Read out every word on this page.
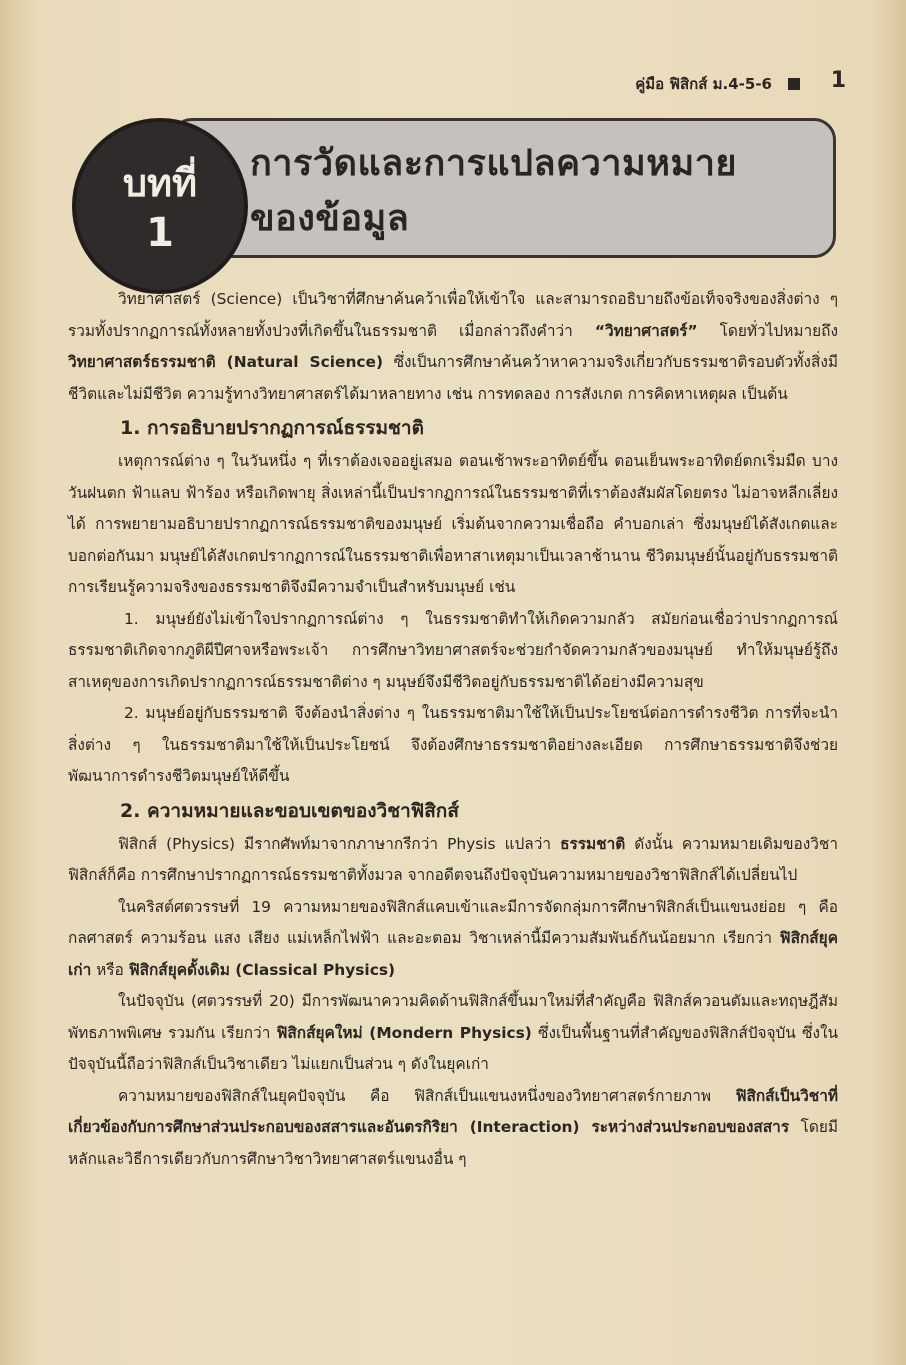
คู่มือ ฟิสิกส์ ม.4-5-6	1
การวัดและการแปลความหมาย
ของข้อมูล
บทที่
1

วิทยาศาสตร์ (Science) เป็นวิชาที่ศึกษาค้นคว้าเพื่อให้เข้าใจ และสามารถอธิบายถึงข้อเท็จจริงของสิ่งต่าง ๆ รวมทั้งปรากฏการณ์ทั้งหลายทั้งปวงที่เกิดขึ้นในธรรมชาติ เมื่อกล่าวถึงคำว่า “วิทยาศาสตร์” โดยทั่วไปหมายถึง วิทยาศาสตร์ธรรมชาติ (Natural Science) ซึ่งเป็นการศึกษาค้นคว้าหาความจริงเกี่ยวกับธรรมชาติรอบตัวทั้งสิ่งมีชีวิตและไม่มีชีวิต ความรู้ทางวิทยาศาสตร์ได้มาหลายทาง เช่น การทดลอง การสังเกต การคิดหาเหตุผล เป็นต้น

1. การอธิบายปรากฏการณ์ธรรมชาติ

เหตุการณ์ต่าง ๆ ในวันหนึ่ง ๆ ที่เราต้องเจออยู่เสมอ ตอนเช้าพระอาทิตย์ขึ้น ตอนเย็นพระอาทิตย์ตกเริ่มมืด บางวันฝนตก ฟ้าแลบ ฟ้าร้อง หรือเกิดพายุ สิ่งเหล่านี้เป็นปรากฏการณ์ในธรรมชาติที่เราต้องสัมผัสโดยตรง ไม่อาจหลีกเลี่ยงได้ การพยายามอธิบายปรากฏการณ์ธรรมชาติของมนุษย์ เริ่มต้นจากความเชื่อถือ คำบอกเล่า ซึ่งมนุษย์ได้สังเกตและบอกต่อกันมา มนุษย์ได้สังเกตปรากฏการณ์ในธรรมชาติเพื่อหาสาเหตุมาเป็นเวลาช้านาน ชีวิตมนุษย์นั้นอยู่กับธรรมชาติ การเรียนรู้ความจริงของธรรมชาติจึงมีความจำเป็นสำหรับมนุษย์ เช่น

1. มนุษย์ยังไม่เข้าใจปรากฏการณ์ต่าง ๆ ในธรรมชาติทำให้เกิดความกลัว สมัยก่อนเชื่อว่าปรากฏการณ์ธรรมชาติเกิดจากภูติผีปีศาจหรือพระเจ้า การศึกษาวิทยาศาสตร์จะช่วยกำจัดความกลัวของมนุษย์ ทำให้มนุษย์รู้ถึงสาเหตุของการเกิดปรากฏการณ์ธรรมชาติต่าง ๆ มนุษย์จึงมีชีวิตอยู่กับธรรมชาติได้อย่างมีความสุข

2. มนุษย์อยู่กับธรรมชาติ จึงต้องนำสิ่งต่าง ๆ ในธรรมชาติมาใช้ให้เป็นประโยชน์ต่อการดำรงชีวิต การที่จะนำสิ่งต่าง ๆ ในธรรมชาติมาใช้ให้เป็นประโยชน์ จึงต้องศึกษาธรรมชาติอย่างละเอียด การศึกษาธรรมชาติจึงช่วยพัฒนาการดำรงชีวิตมนุษย์ให้ดีขึ้น

2. ความหมายและขอบเขตของวิชาฟิสิกส์

ฟิสิกส์ (Physics) มีรากศัพท์มาจากภาษากรีกว่า Physis แปลว่า ธรรมชาติ ดังนั้น ความหมายเดิมของวิชาฟิสิกส์ก็คือ การศึกษาปรากฏการณ์ธรรมชาติทั้งมวล จากอดีตจนถึงปัจจุบันความหมายของวิชาฟิสิกส์ได้เปลี่ยนไป

ในคริสต์ศตวรรษที่ 19 ความหมายของฟิสิกส์แคบเข้าและมีการจัดกลุ่มการศึกษาฟิสิกส์เป็นแขนงย่อย ๆ คือ กลศาสตร์ ความร้อน แสง เสียง แม่เหล็กไฟฟ้า และอะตอม วิชาเหล่านี้มีความสัมพันธ์กันน้อยมาก เรียกว่า ฟิสิกส์ยุคเก่า หรือ ฟิสิกส์ยุคดั้งเดิม (Classical Physics)

ในปัจจุบัน (ศตวรรษที่ 20) มีการพัฒนาความคิดด้านฟิสิกส์ขึ้นมาใหม่ที่สำคัญคือ ฟิสิกส์ควอนตัมและทฤษฎีสัมพัทธภาพพิเศษ รวมกัน เรียกว่า ฟิสิกส์ยุคใหม่ (Mondern Physics) ซึ่งเป็นพื้นฐานที่สำคัญของฟิสิกส์ปัจจุบัน ซึ่งในปัจจุบันนี้ถือว่าฟิสิกส์เป็นวิชาเดียว ไม่แยกเป็นส่วน ๆ ดังในยุคเก่า

ความหมายของฟิสิกส์ในยุคปัจจุบัน คือ ฟิสิกส์เป็นแขนงหนึ่งของวิทยาศาสตร์กายภาพ ฟิสิกส์เป็นวิชาที่เกี่ยวข้องกับการศึกษาส่วนประกอบของสสารและอันตรกิริยา (Interaction) ระหว่างส่วนประกอบของสสาร โดยมีหลักและวิธีการเดียวกับการศึกษาวิชาวิทยาศาสตร์แขนงอื่น ๆ
